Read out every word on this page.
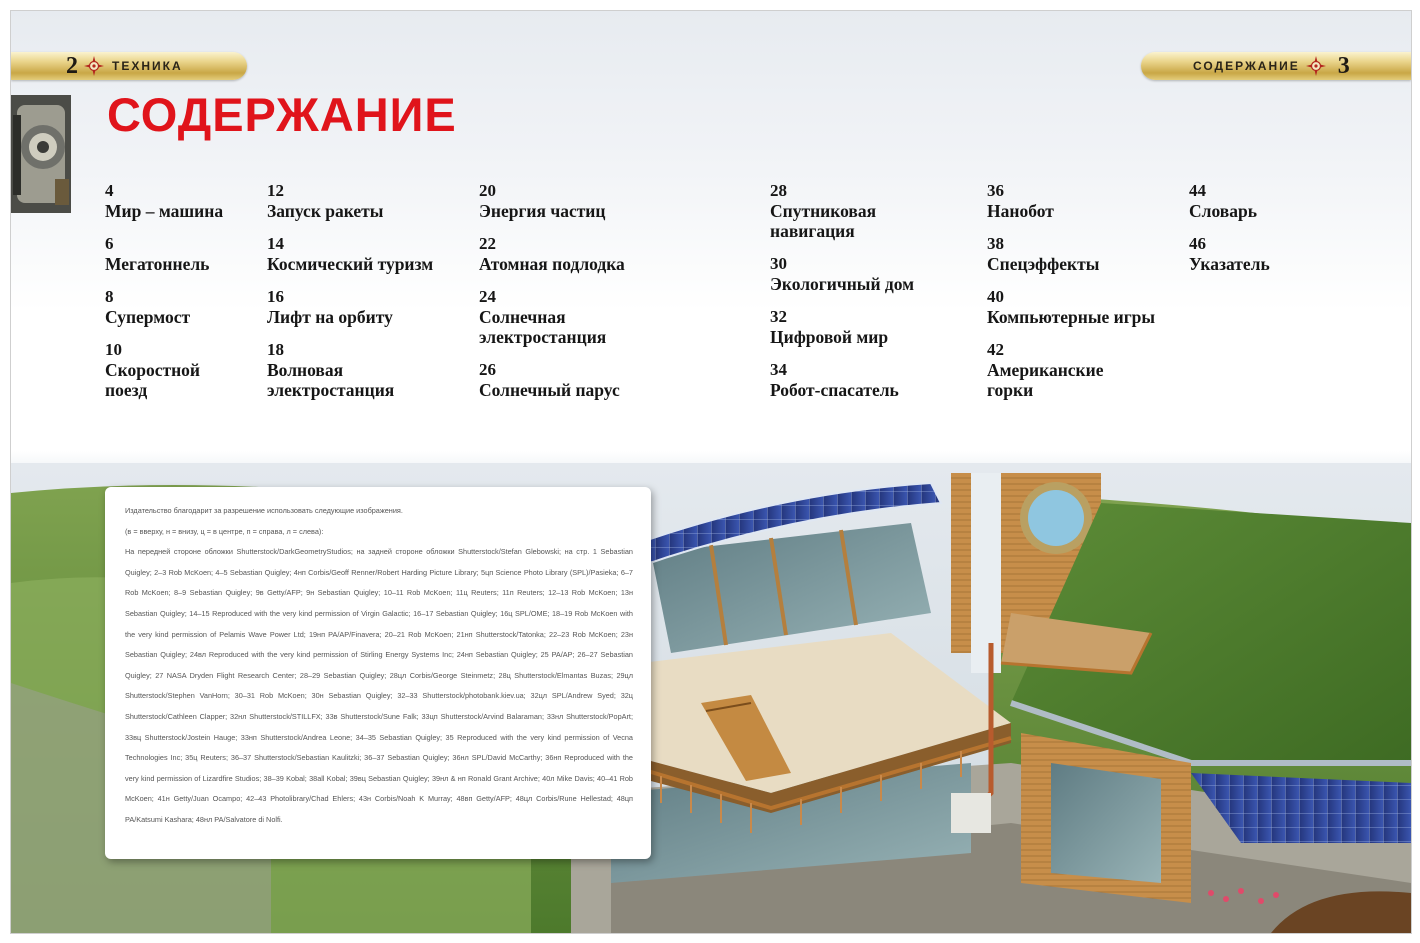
2	ТЕХНИКА	СОДЕРЖАНИЕ 3
СОДЕРЖАНИЕ
4
Мир – машина
6
Мегатоннель
8
Супермост
10
Скоростной
поезд
12
Запуск ракеты
14
Космический туризм
16
Лифт на орбиту
18
Волновая
электростанция
20
Энергия частиц
22
Атомная подлодка
24
Солнечная
электростанция
26
Солнечный парус
28
Спутниковая
навигация
30
Экологичный дом
32
Цифровой мир
34
Робот-спасатель
36
Нанобот
38
Спецэффекты
40
Компьютерные игры
42
Американские
горки
44
Словарь
46
Указатель

Издательство благодарит за разрешение использовать следующие изображения.

(в = вверху, н = внизу, ц = в центре, п = справа, л = слева):

На передней стороне обложки Shutterstock/DarkGeometryStudios; на задней стороне обложки Shutterstock/Stefan Glebowski; на стр. 1 Sebastian Quigley; 2–3 Rob McKoen; 4–5 Sebastian Quigley; 4нп Corbis/Geoff Renner/Robert Harding Picture Library; 5цп Science Photo Library (SPL)/Pasieka; 6–7 Rob McKoen; 8–9 Sebastian Quigley; 9в Getty/AFP; 9н Sebastian Quigley; 10–11 Rob McKoen; 11ц Reuters; 11п Reuters; 12–13 Rob McKoen; 13н Sebastian Quigley; 14–15 Reproduced with the very kind permission of Virgin Galactic; 16–17 Sebastian Quigley; 16ц SPL/OME; 18–19 Rob McKoen with the very kind permission of Pelamis Wave Power Ltd; 19нп PA/AP/Finavera; 20–21 Rob McKoen; 21нп Shutterstock/Tatonka; 22–23 Rob McKoen; 23н Sebastian Quigley; 24вл Reproduced with the very kind permission of Stirling Energy Systems Inc; 24нп Sebastian Quigley; 25 PA/AP; 26–27 Sebastian Quigley; 27 NASA Dryden Flight Research Center; 28–29 Sebastian Quigley; 28цл Corbis/George Steinmetz; 28ц Shutterstock/Elmantas Buzas; 29цл Shutterstock/Stephen VanHorn; 30–31 Rob McKoen; 30н Sebastian Quigley; 32–33 Shutterstock/photobank.kiev.ua; 32цл SPL/Andrew Syed; 32ц Shutterstock/Cathleen Clapper; 32нл Shutterstock/STILLFX; 33в Shutterstock/Sune Falk; 33цп Shutterstock/Arvind Balaraman; 33нл Shutterstock/PopArt; 33вц Shutterstock/Jostein Hauge; 33нп Shutterstock/Andrea Leone; 34–35 Sebastian Quigley; 35 Reproduced with the very kind permission of Vecna Technologies Inc; 35ц Reuters; 36–37 Shutterstock/Sebastian Kaulitzki; 36–37 Sebastian Quigley; 36нл SPL/David McCarthy; 36нп Reproduced with the very kind permission of Lizardfire Studios; 38–39 Kobal; 38all Kobal; 39вц Sebastian Quigley; 39нл & нп Ronald Grant Archive; 40л Mike Davis; 40–41 Rob McKoen; 41н Getty/Juan Ocampo; 42–43 Photolibrary/Chad Ehlers; 43н Corbis/Noah K Murray; 48вп Getty/AFP; 48цл Corbis/Rune Hellestad; 48цп PA/Katsumi Kashara; 48нл PA/Salvatore di Nolfi.
